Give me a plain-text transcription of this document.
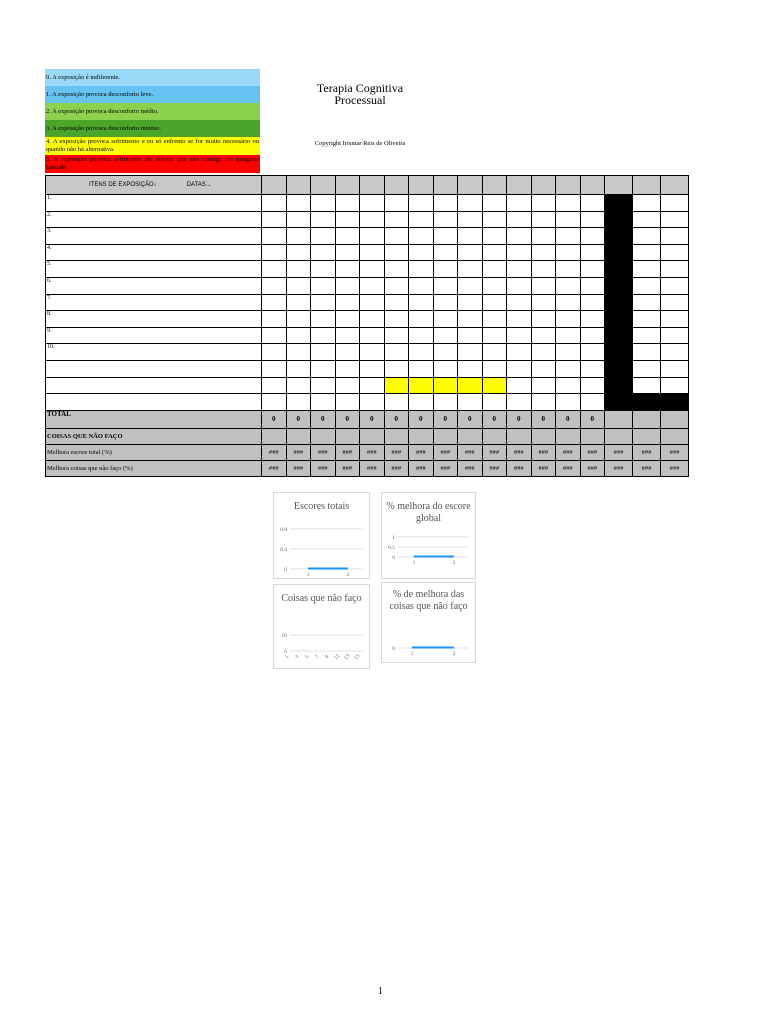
0. A exposição é indiferente.
1. A exposição provoca desconforto leve.
2. A exposição provoca desconforto médio.
3. A exposição provoca desconforto intenso.
4. A exposição provoca sofrimento e eu só enfrento se for muito necessário ou quando não há alternativa.
5. A exposição provoca sofrimento tão intenso que não consigo me imaginar fazendo.
Terapia Cognitiva Processual
Copyright Irismar Reis de Oliveira
ITENS DE EXPOSIÇÃO↓ DATAS→																	
1.																	
2.																	
3.																	
4.																	
5.																	
6.																	
7.																	
8.																	
9.																	
10.																	

TOTAL	0	0	0	0	0	0	0	0	0	0	0	0	0	0			
COISAS QUE NÃO FAÇO																	
Melhora escore total (%)	###	###	###	###	###	###	###	###	###	###	###	###	###	###	###	###	###
Melhora coisas que não faço (%)	###	###	###	###	###	###	###	###	###	###	###	###	###	###	###	###	###
Escores totais
0.8
0.4
0
1	2
% melhora do escore global
1
0.5
0
1	2
Coisas que não faço
10
0
1 3 5 7 9 11 13 15
% de melhora das coisas que não faço
0
1	2
1
